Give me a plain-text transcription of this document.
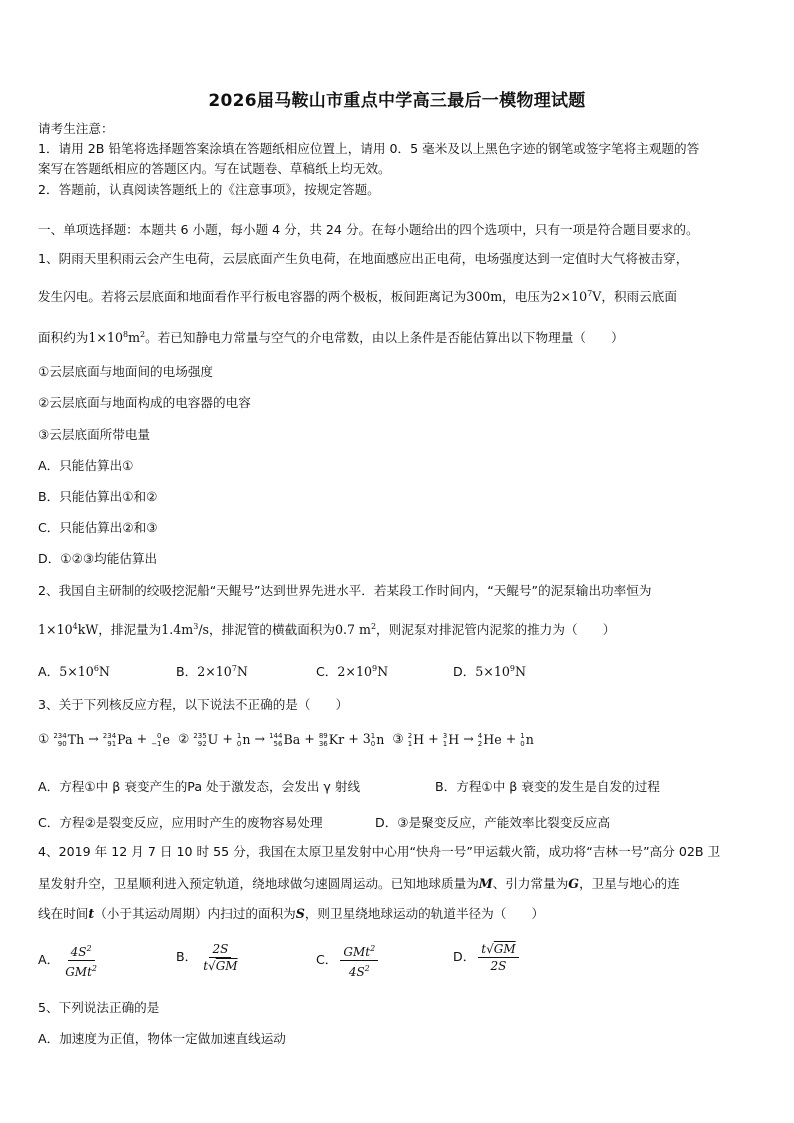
2026届马鞍山市重点中学高三最后一模物理试题
请考生注意：
1．请用 2B 铅笔将选择题答案涂填在答题纸相应位置上，请用 0．5 毫米及以上黑色字迹的钢笔或签字笔将主观题的答
案写在答题纸相应的答题区内。写在试题卷、草稿纸上均无效。
2．答题前，认真阅读答题纸上的《注意事项》，按规定答题。
一、单项选择题：本题共 6 小题，每小题 4 分，共 24 分。在每小题给出的四个选项中，只有一项是符合题目要求的。
1、阴雨天里积雨云会产生电荷，云层底面产生负电荷，在地面感应出正电荷，电场强度达到一定值时大气将被击穿，
发生闪电。若将云层底面和地面看作平行板电容器的两个极板，板间距离记为300m，电压为$2\times 10^7V$，积雨云底面
面积约为$1\times 10^8m^2$。若已知静电力常量与空气的介电常数，由以上条件是否能估算出以下物理量（　　）
①云层底面与地面间的电场强度
②云层底面与地面构成的电容器的电容
③云层底面所带电量
A．只能估算出①
B．只能估算出①和②
C．只能估算出②和③
D．①②③均能估算出
2、我国自主研制的绞吸挖泥船“天鲲号”达到世界先进水平．若某段工作时间内，“天鲲号”的泥泵输出功率恒为
$1\times 10^4kW$，排泥量为$1.4m^3/s$，排泥管的横截面积为0.7 $m^2$，则泥泵对排泥管内泥浆的推力为（　　）
A．$5\times 10^6N$	B．$2\times 10^7N$	C．$2\times 10^9N$	D．$5\times 10^9N$
3、关于下列核反应方程，以下说法不正确的是（　　）
① 234
90 Th → 234
91 Pa + 0
−1 e ② 235
92 U + 1
0 n → 144
56 Ba + 89
36 Kr + 3 1
0 n ③ 2
1 H + 3
1 H → 4
2 He + 1
0 n
A．方程①中 β 衰变产生的Pa 处于激发态，会发出 γ 射线	B．方程①中 β 衰变的发生是自发的过程
C．方程②是裂变反应，应用时产生的废物容易处理	D．③是聚变反应，产能效率比裂变反应高
4、2019 年 12 月 7 日 10 时 55 分，我国在太原卫星发射中心用“快舟一号”甲运载火箭，成功将“吉林一号”高分 02B 卫
星发射升空，卫星顺利进入预定轨道，绕地球做匀速圆周运动。已知地球质量为M、引力常量为G，卫星与地心的连
线在时间t（小于其运动周期）内扫过的面积为S，则卫星绕地球运动的轨道半径为（　　）
A． $\frac{4S^2}{GMt^2}$	B． $\frac{2S}{t√GM}$	C． $\frac{GMt^2}{4S^2}$	D． $\frac{t√GM}{2S}$
5、下列说法正确的是
A．加速度为正值，物体一定做加速直线运动
